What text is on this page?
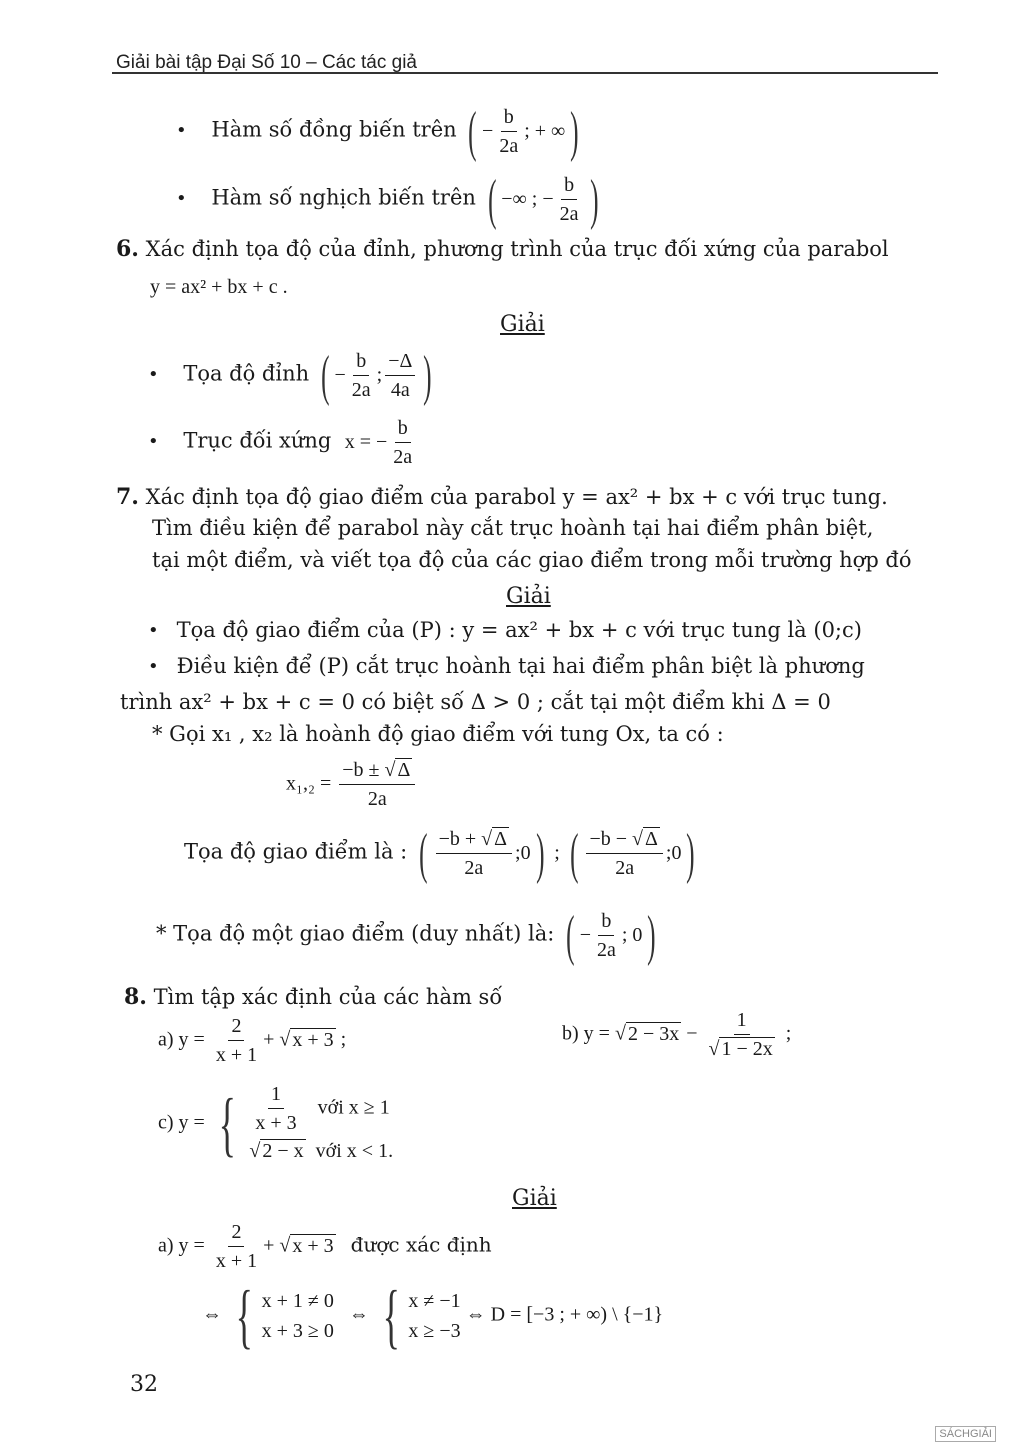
Giải bài tập Đại Số 10 – Các tác giả
• Hàm số đồng biến trên ( − $\frac{b}{2a}$ ; + ∞)
• Hàm số nghịch biến trên ( −∞ ; − $\frac{b}{2a}$ )
6. Xác định tọa độ của đỉnh, phương trình của trục đối xứng của parabol
y = ax² + bx + c .
Giải
• Tọa độ đỉnh ( − $\frac{b}{2a}$ ; $\frac{-\Delta}{4a}$ )
• Trục đối xứng x = − $\frac{b}{2a}$
7. Xác định tọa độ giao điểm của parabol y = ax² + bx + c với trục tung.
Tìm điều kiện để parabol này cắt trục hoành tại hai điểm phân biệt,
tại một điểm, và viết tọa độ của các giao điểm trong mỗi trường hợp đó
Giải
• Tọa độ giao điểm của (P) : y = ax² + bx + c với trục tung là (0;c)
• Điều kiện để (P) cắt trục hoành tại hai điểm phân biệt là phương
trình ax² + bx + c = 0 có biệt số Δ > 0 ; cắt tại một điểm khi Δ = 0
* Gọi x₁ , x₂ là hoành độ giao điểm với tung Ox, ta có :
$x_1,_2 = \frac{-b \pm √ \Delta}{2a}$
Tọa độ giao điểm là : ( $\frac{-b + √ \Delta}{2a}$ ;0) ; ( $\frac{-b - √ \Delta}{2a}$ ;0)
* Tọa độ một giao điểm (duy nhất) là: ( − $\frac{b}{2a}$ ; 0)
8. Tìm tập xác định của các hàm số
a) $y = \frac{2}{x + 1}$ + √ x + 3 ;	b) y = √ $2 - 3x - \frac{1}{√ 1 - 2x}$ ;
c) y = { $\frac{1}{x + 3}$ với x ≥ 1
√ 2 − x với x < 1.
Giải
a) $y = \frac{2}{x + 1}$ + √ x + 3 được xác định
⇔ { x + 1 ≠ 0
x + 3 ≥ 0
⇔ { x ≠ −1
x ≥ −3
⇔ D = [−3 ; + ∞) \ {−1}
32
SÁCHGIẢI
